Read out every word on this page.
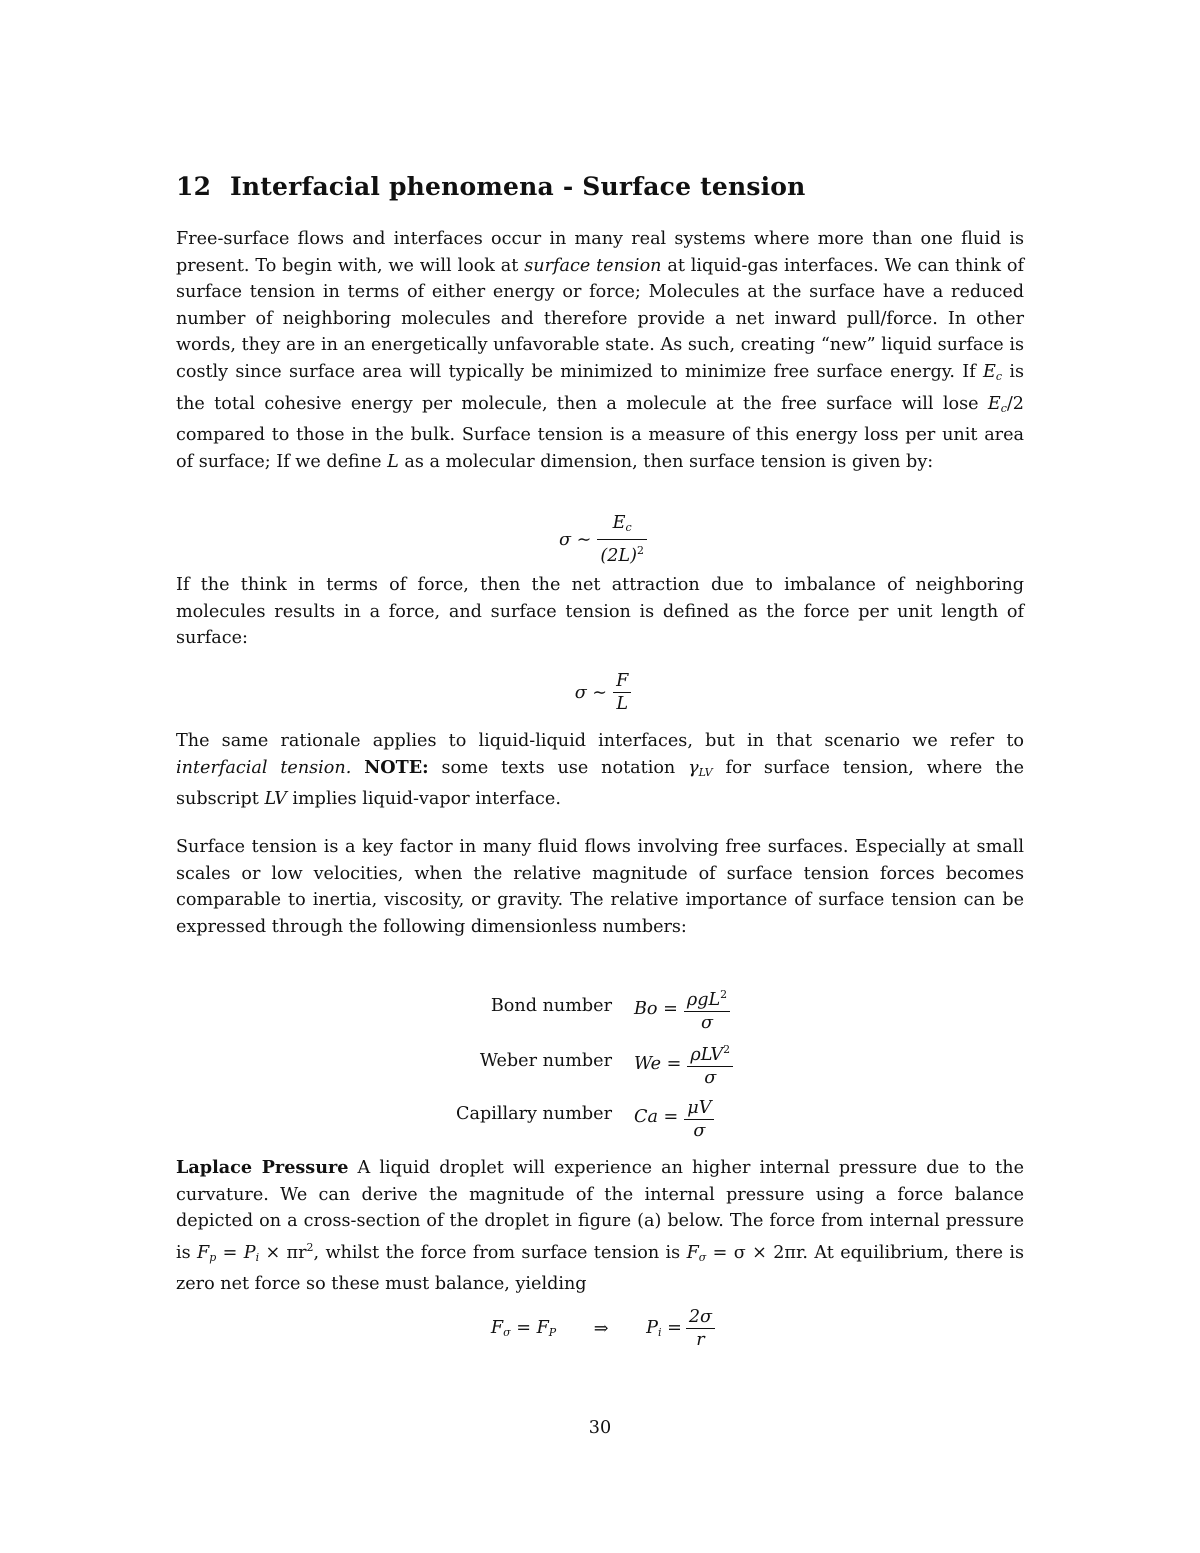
12 Interfacial phenomena - Surface tension

Free-surface flows and interfaces occur in many real systems where more than one fluid is present. To begin with, we will look at surface tension at liquid-gas interfaces. We can think of surface tension in terms of either energy or force; Molecules at the surface have a reduced number of neighboring molecules and therefore provide a net inward pull/force. In other words, they are in an energetically unfavorable state. As such, creating “new” liquid surface is costly since surface area will typically be minimized to minimize free surface energy. If $E_c$ is the total cohesive energy per molecule, then a molecule at the free surface will lose $E_c/2$ compared to those in the bulk. Surface tension is a measure of this energy loss per unit area of surface; If we define L as a molecular dimension, then surface tension is given by:

σ ∼ $\frac{E_c}{(2L)^2}$

If the think in terms of force, then the net attraction due to imbalance of neighboring molecules results in a force, and surface tension is defined as the force per unit length of surface:

σ ∼ $\frac{F}{L}$

The same rationale applies to liquid-liquid interfaces, but in that scenario we refer to interfacial tension. NOTE: some texts use notation $\gamma_{LV}$ for surface tension, where the subscript LV implies liquid-vapor interface.

Surface tension is a key factor in many fluid flows involving free surfaces. Especially at small scales or low velocities, when the relative magnitude of surface tension forces becomes comparable to inertia, viscosity, or gravity. The relative importance of surface tension can be expressed through the following dimensionless numbers:

Bond number $Bo = \frac{\rho gL^2}{\sigma}$
Weber number $We = \frac{\rho LV^2}{\sigma}$
Capillary number $Ca = \frac{\mu V}{\sigma}$

Laplace Pressure A liquid droplet will experience an higher internal pressure due to the curvature. We can derive the magnitude of the internal pressure using a force balance depicted on a cross-section of the droplet in figure (a) below. The force from internal pressure is $F_p = P_i \times \pi r^2$, whilst the force from surface tension is $F_\sigma = \sigma \times 2\pi r$. At equilibrium, there is zero net force so these must balance, yielding

$F_\sigma = F_P$ ⇒ $P_i = \frac{2\sigma}{r}$
30
